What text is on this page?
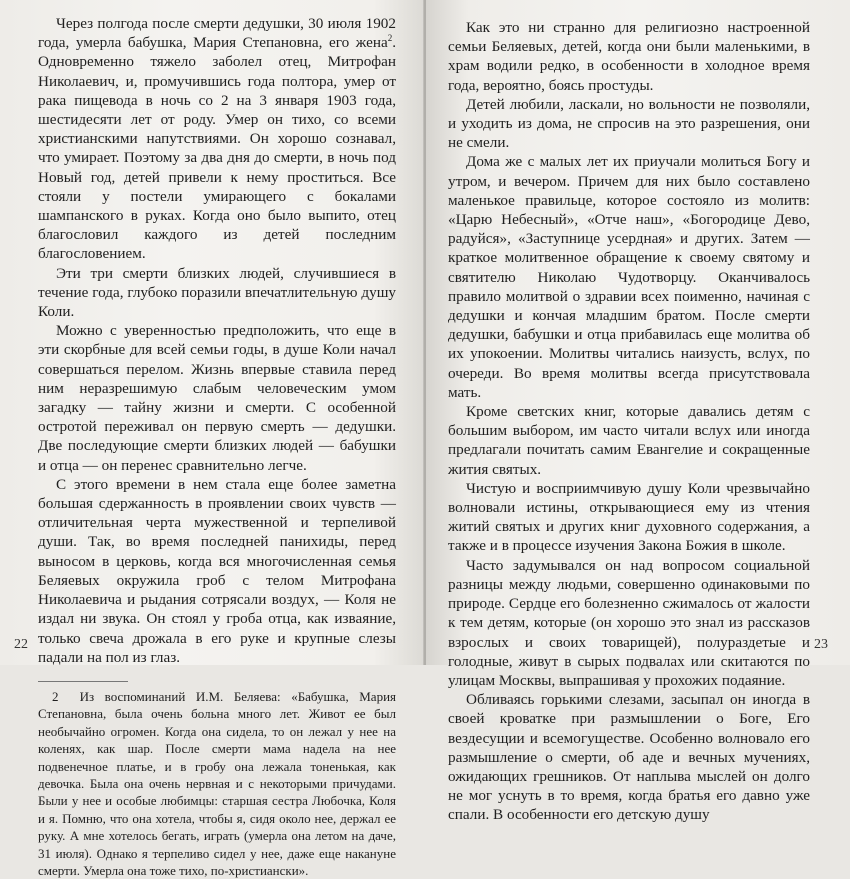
Через полгода после смерти дедушки, 30 июля 1902 года, умерла бабушка, Мария Степановна, его жена$^2$. Одновременно тяжело заболел отец, Митрофан Николаевич, и, промучившись года полтора, умер от рака пищевода в ночь со 2 на 3 января 1903 года, шестидесяти лет от роду. Умер он тихо, со всеми христианскими напутствиями. Он хорошо сознавал, что умирает. Поэтому за два дня до смерти, в ночь под Новый год, детей привели к нему проститься. Все стояли у постели умирающего с бокалами шампанского в руках. Когда оно было выпито, отец благословил каждого из детей последним благословением.

Эти три смерти близких людей, случившиеся в течение года, глубоко поразили впечатлительную душу Коли.

Можно с уверенностью предположить, что еще в эти скорбные для всей семьи годы, в душе Коли начал совершаться перелом. Жизнь впервые ставила перед ним неразрешимую слабым человеческим умом загадку — тайну жизни и смерти. С особенной остротой переживал он первую смерть — дедушки. Две последующие смерти близких людей — бабушки и отца — он перенес сравнительно легче.

С этого времени в нем стала еще более заметна большая сдержанность в проявлении своих чувств — отличительная черта мужественной и терпеливой души. Так, во время последней панихиды, перед выносом в церковь, когда вся многочисленная семья Беляевых окружила гроб с телом Митрофана Николаевича и рыдания сотрясали воздух, — Коля не издал ни звука. Он стоял у гроба отца, как изваяние, только свеча дрожала в его руке и крупные слезы падали на пол из глаз.

2 Из воспоминаний И.М. Беляева: «Бабушка, Мария Степановна, была очень больна много лет. Живот ее был необычайно огромен. Когда она сидела, то он лежал у нее на коленях, как шар. После смерти мама надела на нее подвенечное платье, и в гробу она лежала тоненькая, как девочка. Была она очень нервная и с некоторыми причудами. Были у нее и особые любимцы: старшая сестра Любочка, Коля и я. Помню, что она хотела, чтобы я, сидя около нее, держал ее руку. А мне хотелось бегать, играть (умерла она летом на даче, 31 июля). Однако я терпеливо сидел у нее, даже еще накануне смерти. Умерла она тоже тихо, по-христиански».

22

Как это ни странно для религиозно настроенной семьи Беляевых, детей, когда они были маленькими, в храм водили редко, в особенности в холодное время года, вероятно, боясь простуды.

Детей любили, ласкали, но вольности не позволяли, и уходить из дома, не спросив на это разрешения, они не смели.

Дома же с малых лет их приучали молиться Богу и утром, и вечером. Причем для них было составлено маленькое правильце, которое состояло из молитв: «Царю Небесный», «Отче наш», «Богородице Дево, радуйся», «Заступнице усердная» и других. Затем — краткое молитвенное обращение к своему святому и святителю Николаю Чудотворцу. Оканчивалось правило молитвой о здравии всех поименно, начиная с дедушки и кончая младшим братом. После смерти дедушки, бабушки и отца прибавилась еще молитва об их упокоении. Молитвы читались наизусть, вслух, по очереди. Во время молитвы всегда присутствовала мать.

Кроме светских книг, которые давались детям с большим выбором, им часто читали вслух или иногда предлагали почитать самим Евангелие и сокращенные жития святых.

Чистую и восприимчивую душу Коли чрезвычайно волновали истины, открывающиеся ему из чтения житий святых и других книг духовного содержания, а также и в процессе изучения Закона Божия в школе.

Часто задумывался он над вопросом социальной разницы между людьми, совершенно одинаковыми по природе. Сердце его болезненно сжималось от жалости к тем детям, которые (он хорошо это знал из рассказов взрослых и своих товарищей), полураздетые и голодные, живут в сырых подвалах или скитаются по улицам Москвы, выпрашивая у прохожих подаяние.

Обливаясь горькими слезами, засыпал он иногда в своей кроватке при размышлении о Боге, Его вездесущии и всемогуществе. Особенно волновало его размышление о смерти, об аде и вечных мучениях, ожидающих грешников. От наплыва мыслей он долго не мог уснуть в то время, когда братья его давно уже спали. В особенности его детскую душу

23
